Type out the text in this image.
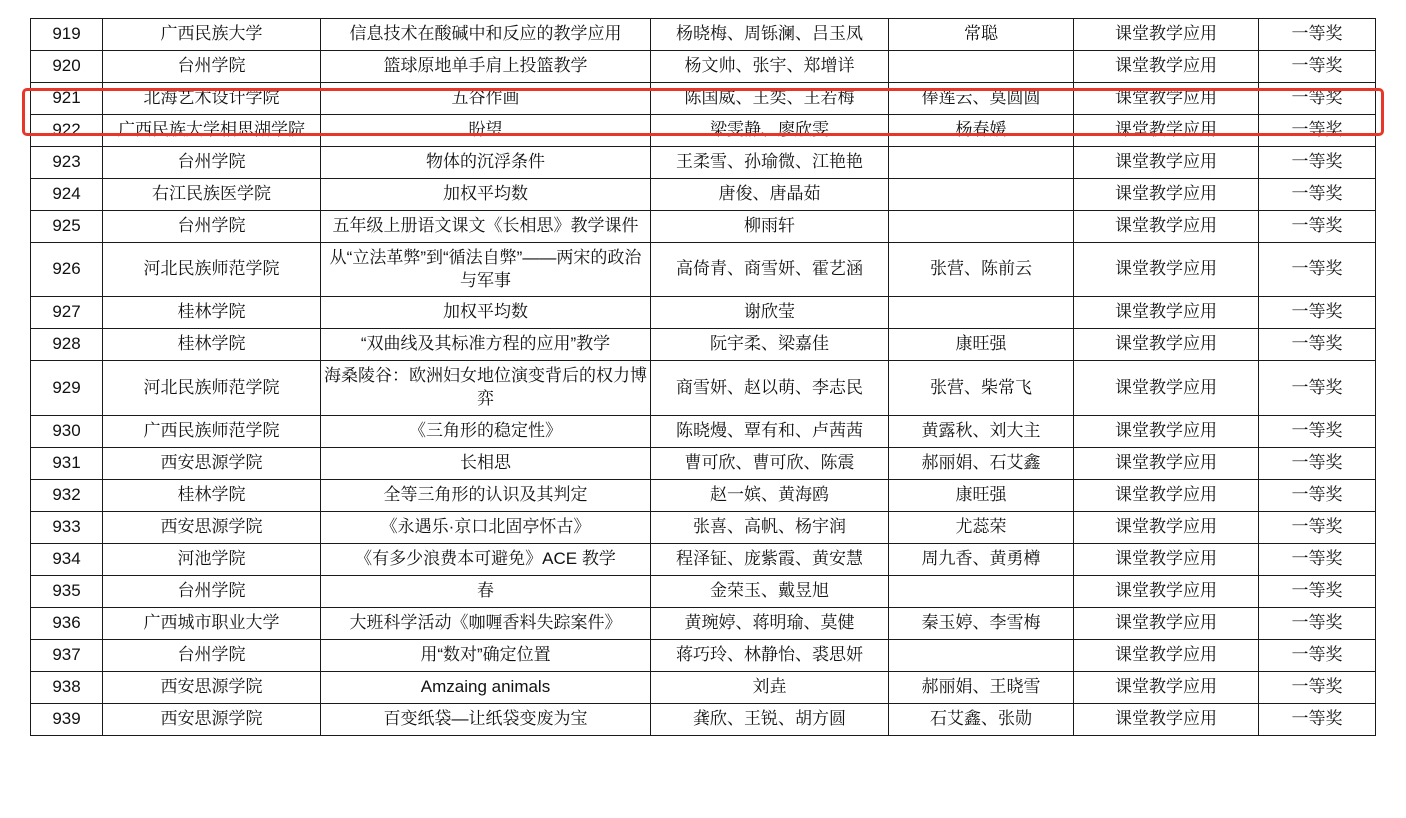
919	广西民族大学	信息技术在酸碱中和反应的教学应用	杨晓梅、周铄澜、吕玉凤	常聪	课堂教学应用	一等奖
920	台州学院	篮球原地单手肩上投篮教学	杨文帅、张宇、郑增详		课堂教学应用	一等奖
921	北海艺术设计学院	五谷作画	陈国威、王奕、王若梅	俸莲云、莫圆圆	课堂教学应用	一等奖
922	广西民族大学相思湖学院	盼望	梁雯静、廖欣雯	杨春媛	课堂教学应用	一等奖
923	台州学院	物体的沉浮条件	王柔雪、孙瑜微、江艳艳		课堂教学应用	一等奖
924	右江民族医学院	加权平均数	唐俊、唐晶茹		课堂教学应用	一等奖
925	台州学院	五年级上册语文课文《长相思》教学课件	柳雨轩		课堂教学应用	一等奖
926	河北民族师范学院	从“立法革弊”到“循法自弊”——两宋的政治与军事	高倚青、商雪妍、霍艺涵	张营、陈前云	课堂教学应用	一等奖
927	桂林学院	加权平均数	谢欣莹		课堂教学应用	一等奖
928	桂林学院	“双曲线及其标准方程的应用”教学	阮宇柔、梁嘉佳	康旺强	课堂教学应用	一等奖
929	河北民族师范学院	海桑陵谷：欧洲妇女地位演变背后的权力博弈	商雪妍、赵以萌、李志民	张营、柴常飞	课堂教学应用	一等奖
930	广西民族师范学院	《三角形的稳定性》	陈晓熳、覃有和、卢茜茜	黄露秋、刘大主	课堂教学应用	一等奖
931	西安思源学院	长相思	曹可欣、曹可欣、陈震	郝丽娟、石艾鑫	课堂教学应用	一等奖
932	桂林学院	全等三角形的认识及其判定	赵一嫔、黄海鸥	康旺强	课堂教学应用	一等奖
933	西安思源学院	《永遇乐·京口北固亭怀古》	张喜、高帆、杨宇润	尤蕊荣	课堂教学应用	一等奖
934	河池学院	《有多少浪费本可避免》ACE 教学	程泽钲、庞紫霞、黄安慧	周九香、黄勇樽	课堂教学应用	一等奖
935	台州学院	春	金荣玉、戴昱旭		课堂教学应用	一等奖
936	广西城市职业大学	大班科学活动《咖喱香料失踪案件》	黄琬婷、蒋明瑜、莫健	秦玉婷、李雪梅	课堂教学应用	一等奖
937	台州学院	用“数对”确定位置	蒋巧玲、林静怡、裘思妍		课堂教学应用	一等奖
938	西安思源学院	Amzaing animals	刘垚	郝丽娟、王晓雪	课堂教学应用	一等奖
939	西安思源学院	百变纸袋—让纸袋变废为宝	龚欣、王锐、胡方圆	石艾鑫、张勋	课堂教学应用	一等奖
